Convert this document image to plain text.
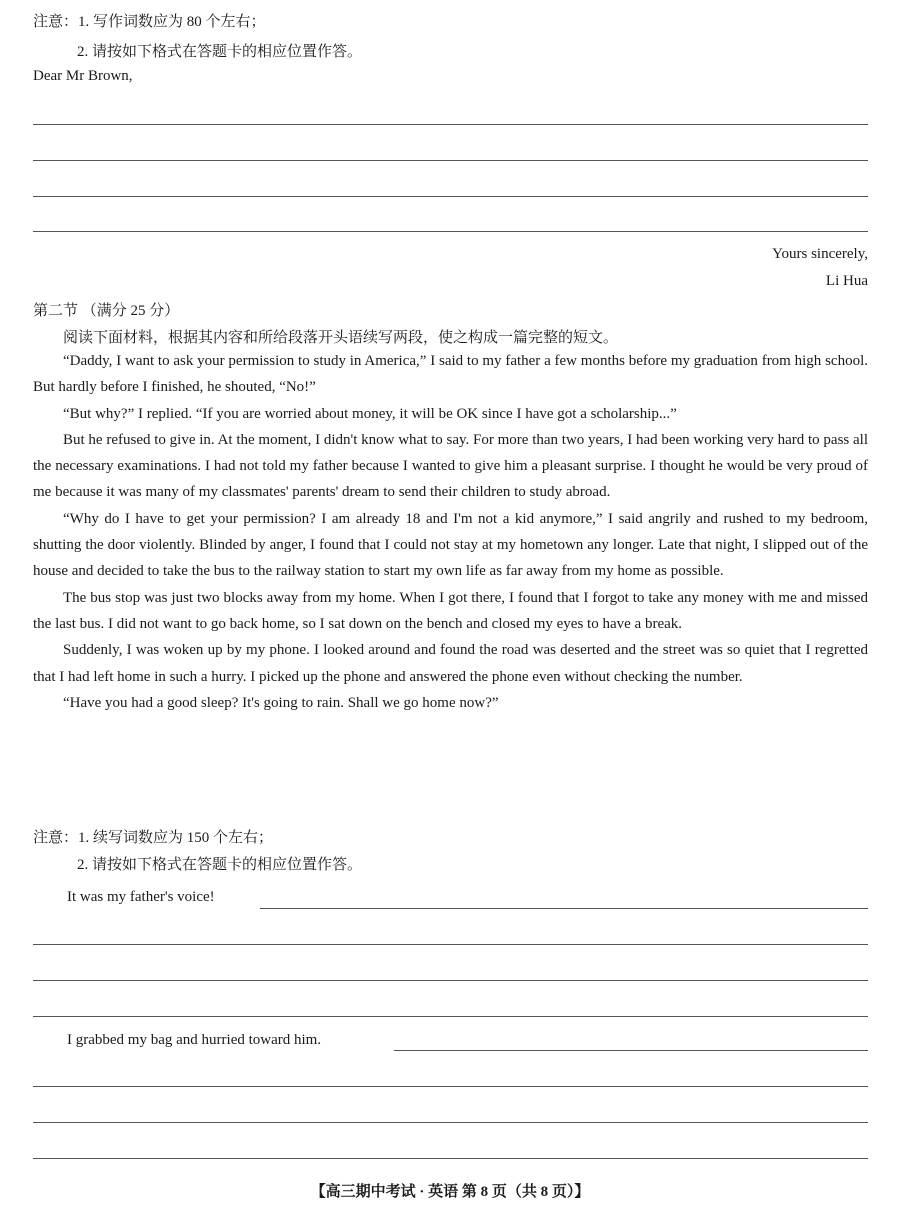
注意：1. 写作词数应为 80 个左右；
2. 请按如下格式在答题卡的相应位置作答。
Dear Mr Brown,
Yours sincerely,
Li Hua
第二节 （满分 25 分）
阅读下面材料，根据其内容和所给段落开头语续写两段，使之构成一篇完整的短文。

“Daddy, I want to ask your permission to study in America,” I said to my father a few months before my graduation from high school. But hardly before I finished, he shouted, “No!”

“But why?” I replied. “If you are worried about money, it will be OK since I have got a scholarship...”

But he refused to give in. At the moment, I didn't know what to say. For more than two years, I had been working very hard to pass all the necessary examinations. I had not told my father because I wanted to give him a pleasant surprise. I thought he would be very proud of me because it was many of my classmates' parents' dream to send their children to study abroad.

“Why do I have to get your permission? I am already 18 and I'm not a kid anymore,” I said angrily and rushed to my bedroom, shutting the door violently. Blinded by anger, I found that I could not stay at my hometown any longer. Late that night, I slipped out of the house and decided to take the bus to the railway station to start my own life as far away from my home as possible.

The bus stop was just two blocks away from my home. When I got there, I found that I forgot to take any money with me and missed the last bus. I did not want to go back home, so I sat down on the bench and closed my eyes to have a break.

Suddenly, I was woken up by my phone. I looked around and found the road was deserted and the street was so quiet that I regretted that I had left home in such a hurry. I picked up the phone and answered the phone even without checking the number.

“Have you had a good sleep? It's going to rain. Shall we go home now?”

注意：1. 续写词数应为 150 个左右；
2. 请按如下格式在答题卡的相应位置作答。
It was my father's voice!
I grabbed my bag and hurried toward him.
【高三期中考试 · 英语 第 8 页（共 8 页）】
